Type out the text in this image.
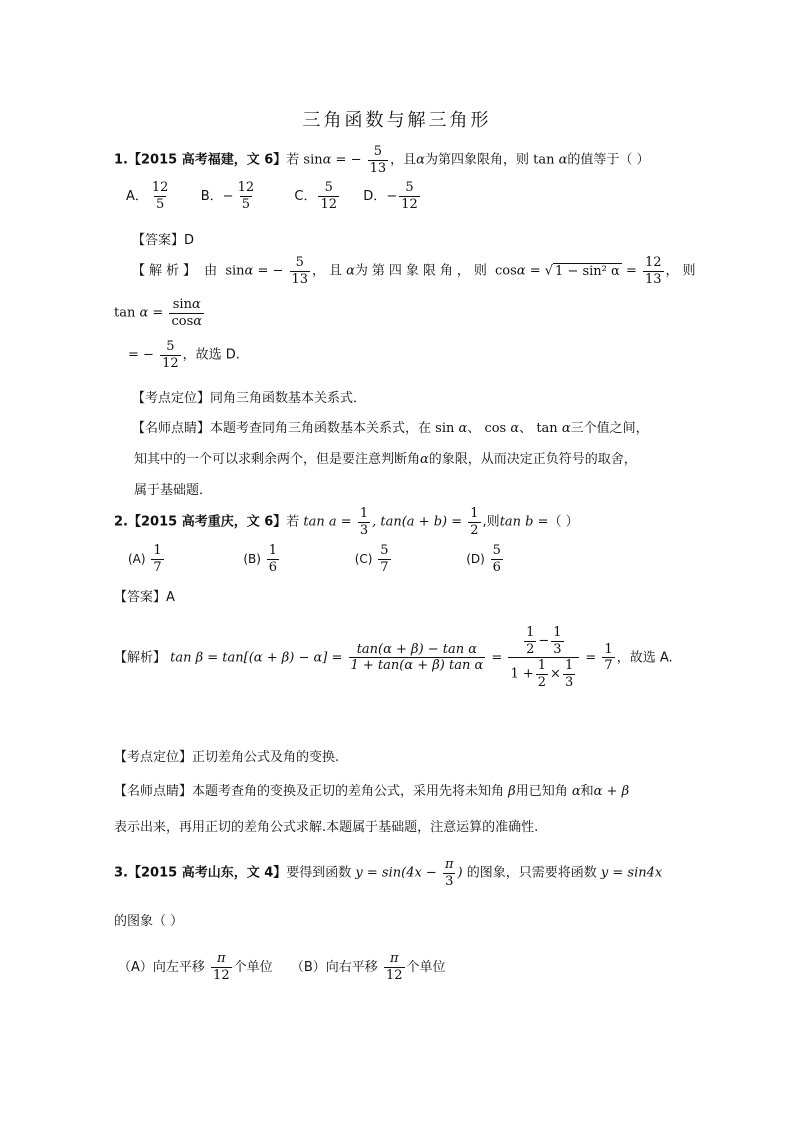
三角函数与解三角形
1.【2015 高考福建，文 6】若 sinα = − $\frac{5}{13}$ ，且α为第四象限角，则 tan α的值等于（ ）
A． $\frac{12}{5}$ B．− $\frac{12}{5}$	C． $\frac{5}{12}$ D．− $\frac{5}{12}$
【答案】D
【解析】 由 sinα = − $\frac{5}{13}$ ，且α为第四象限角，则 cosα = √ 1 − sin² $\alpha = \frac{12}{13}$ ，则
$\tan \alpha = \frac{\sin\alpha}{\cos\alpha}$
= − $\frac{5}{12}$ ，故选 D.
【考点定位】同角三角函数基本关系式．
【名师点睛】本题考查同角三角函数基本关系式，在 sin α、 cos α、 tan α三个值之间，
知其中的一个可以求剩余两个，但是要注意判断角α的象限，从而决定正负符号的取舍，
属于基础题．
2.【2015 高考重庆，文 6】若 $\tan a = \frac{1}{3}$ , $\tan(a + b) = \frac{1}{2}$ ,则tan b =（ ）
$(A) \frac{1}{7}$	$(B) \frac{1}{6}$	$(C) \frac{5}{7}$	$(D) \frac{5}{6}$
【答案】A
【解析】 $\tan \beta = \tan[(\alpha + \beta) - \alpha] = \frac{\text{tan(α + β) − tan α}}{\text{1 + tan(α + β) tan α}} = \frac{\frac{1}{2} - \frac{1}{3}}{1 + \frac{1}{2} \times \frac{1}{3}} = \frac{1}{7}$ ，故选 A.
【考点定位】正切差角公式及角的变换.
【名师点睛】本题考查角的变换及正切的差角公式，采用先将未知角 β用已知角 α和α + β
表示出来，再用正切的差角公式求解.本题属于基础题，注意运算的准确性.
3.【2015 高考山东，文 4】要得到函数 $y = \sin(4x - \frac{\pi}{3}$ ) 的图象，只需要将函数 y = sin4x
的图象（ ）
（A）向左平移 $\frac{\pi}{12}$ 个单位 （B）向右平移 $\frac{\pi}{12}$ 个单位
